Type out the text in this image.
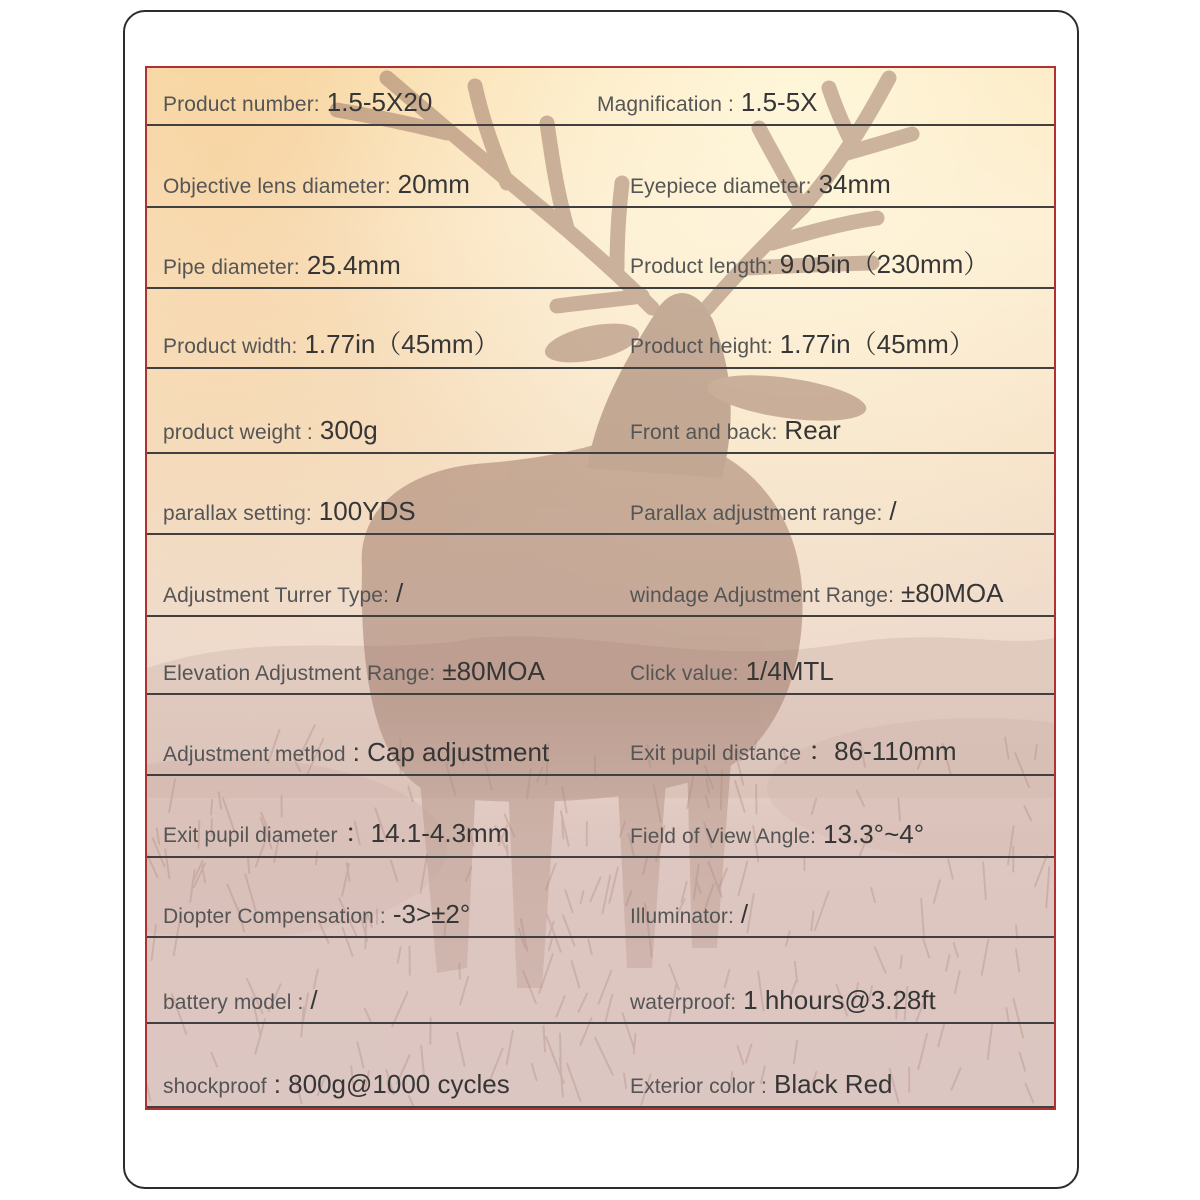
Product number: 1.5-5X20	Magnification : 1.5-5X
Objective lens diameter: 20mm	Eyepiece diameter: 34mm
Pipe diameter: 25.4mm	Product length: 9.05in（230mm）
Product width: 1.77in（45mm）	Product height: 1.77in（45mm）
product weight : 300g	Front and back: Rear
parallax setting: 100YDS	Parallax adjustment range: /
Adjustment Turrer Type: /	windage Adjustment Range: ±80MOA
Elevation Adjustment Range: ±80MOA	Click value: 1/4MTL
Adjustment method : Cap adjustment	Exit pupil distance ：86-110mm
Exit pupil diameter ：14.1-4.3mm	Field of View Angle: 13.3°~4°
Diopter Compensation : -3>±2°	Illuminator: /
battery model : /	waterproof: 1 hhours@3.28ft
shockproof : 800g@1000 cycles	Exterior color : Black Red
